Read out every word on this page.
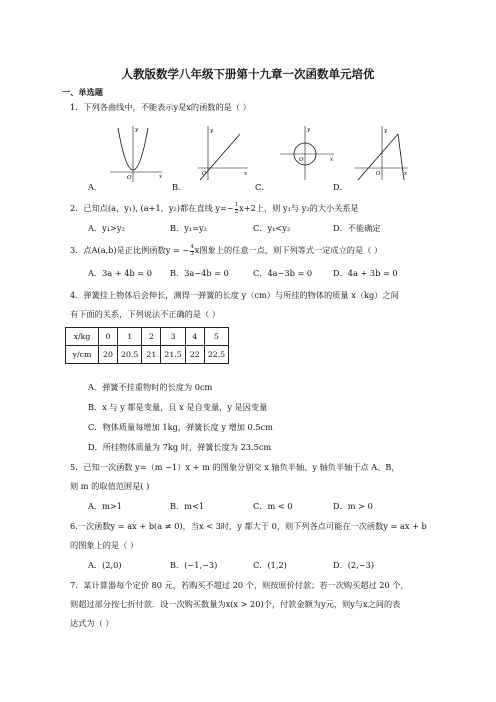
人教版数学八年级下册第十九章一次函数单元培优
一、单选题
1．下列各曲线中，不能表示y是x的函数的是（ ）
y
x
O
y
x
O
y
x
O
y
x
O
A．	B．	C．	D．
2．已知点(a，y₁), (a+1，y₂)都在直线 $y=- \frac{1}{2} x+2$上，则 y₁与 y₂的大小关系是
A．y₁>y₂	B．y₁=y₂	C．y₁<y₂	D．不能确定
3．点A(a,b)是正比例函数y = − $\frac{4}{3}$ x图象上的任意一点，则下列等式一定成立的是（ ）
A．3a + 4b = 0 B．3a−4b = 0	C．4a−3b = 0	D．4a + 3b = 0
4．弹簧挂上物体后会伸长，测得一弹簧的长度 y（cm）与所挂的物体的质量 x（kg）之间
有下面的关系，下列说法不正确的是（ ）
x/kg	0	1	2	3	4	5
y/cm	20	20.5	21	21.5	22	22.5
A．弹簧不挂重物时的长度为 0cm
B．x 与 y 都是变量，且 x 是自变量，y 是因变量
C．物体质量每增加 1kg，弹簧长度 y 增加 0.5cm
D．所挂物体质量为 7kg 时，弹簧长度为 23.5cm
5．已知一次函数 y=（m −1）x + m 的图象分别交 x 轴负半轴、y 轴负半轴于点 A、B，
则 m 的取值范围是( )
A．m>1	B．m<1	C．m < 0	D．m > 0
6.一次函数y = ax + b(a ≠ 0)，当x < 3时，y 都大于 0，则下列各点可能在一次函数y = ax + b
的图象上的是（ ）
A．(2,0)	B．(−1,−3)	C．(1,2)	D．(2,−3)
7．某计算器每个定价 80 元，若购买不超过 20 个，则按原价付款；若一次购买超过 20 个，
则超过部分按七折付款．设一次购买数量为x(x > 20)个，付款金额为y元，则y与x之间的表
达式为（ ）
